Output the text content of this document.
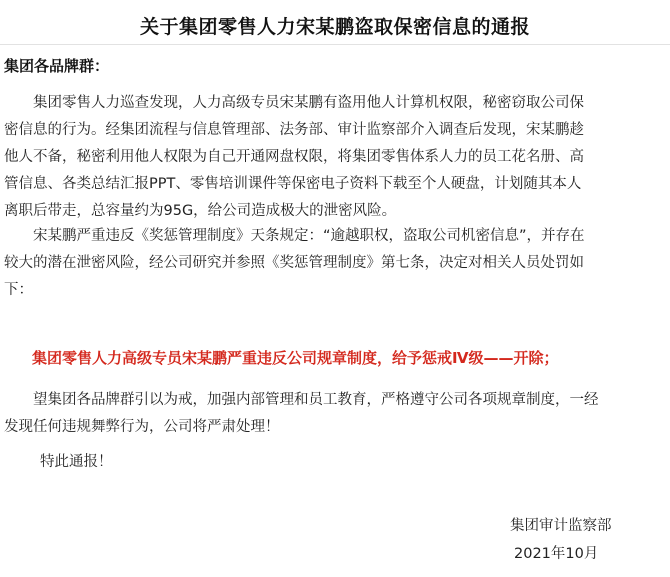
关于集团零售人力宋某鹏盗取保密信息的通报
集团各品牌群：
　　集团零售人力巡查发现，人力高级专员宋某鹏有盗用他人计算机权限，秘密窃取公司保
密信息的行为。经集团流程与信息管理部、法务部、审计监察部介入调查后发现，宋某鹏趁
他人不备，秘密利用他人权限为自己开通网盘权限，将集团零售体系人力的员工花名册、高
管信息、各类总结汇报PPT、零售培训课件等保密电子资料下载至个人硬盘，计划随其本人
离职后带走，总容量约为95G，给公司造成极大的泄密风险。
　　宋某鹏严重违反《奖惩管理制度》天条规定：“逾越职权，盗取公司机密信息”，并存在
较大的潜在泄密风险，经公司研究并参照《奖惩管理制度》第七条，决定对相关人员处罚如
下：
集团零售人力高级专员宋某鹏严重违反公司规章制度，给予惩戒Ⅳ级——开除；
　　望集团各品牌群引以为戒，加强内部管理和员工教育，严格遵守公司各项规章制度，一经
发现任何违规舞弊行为，公司将严肃处理！
特此通报！
集团审计监察部
2021年10月
